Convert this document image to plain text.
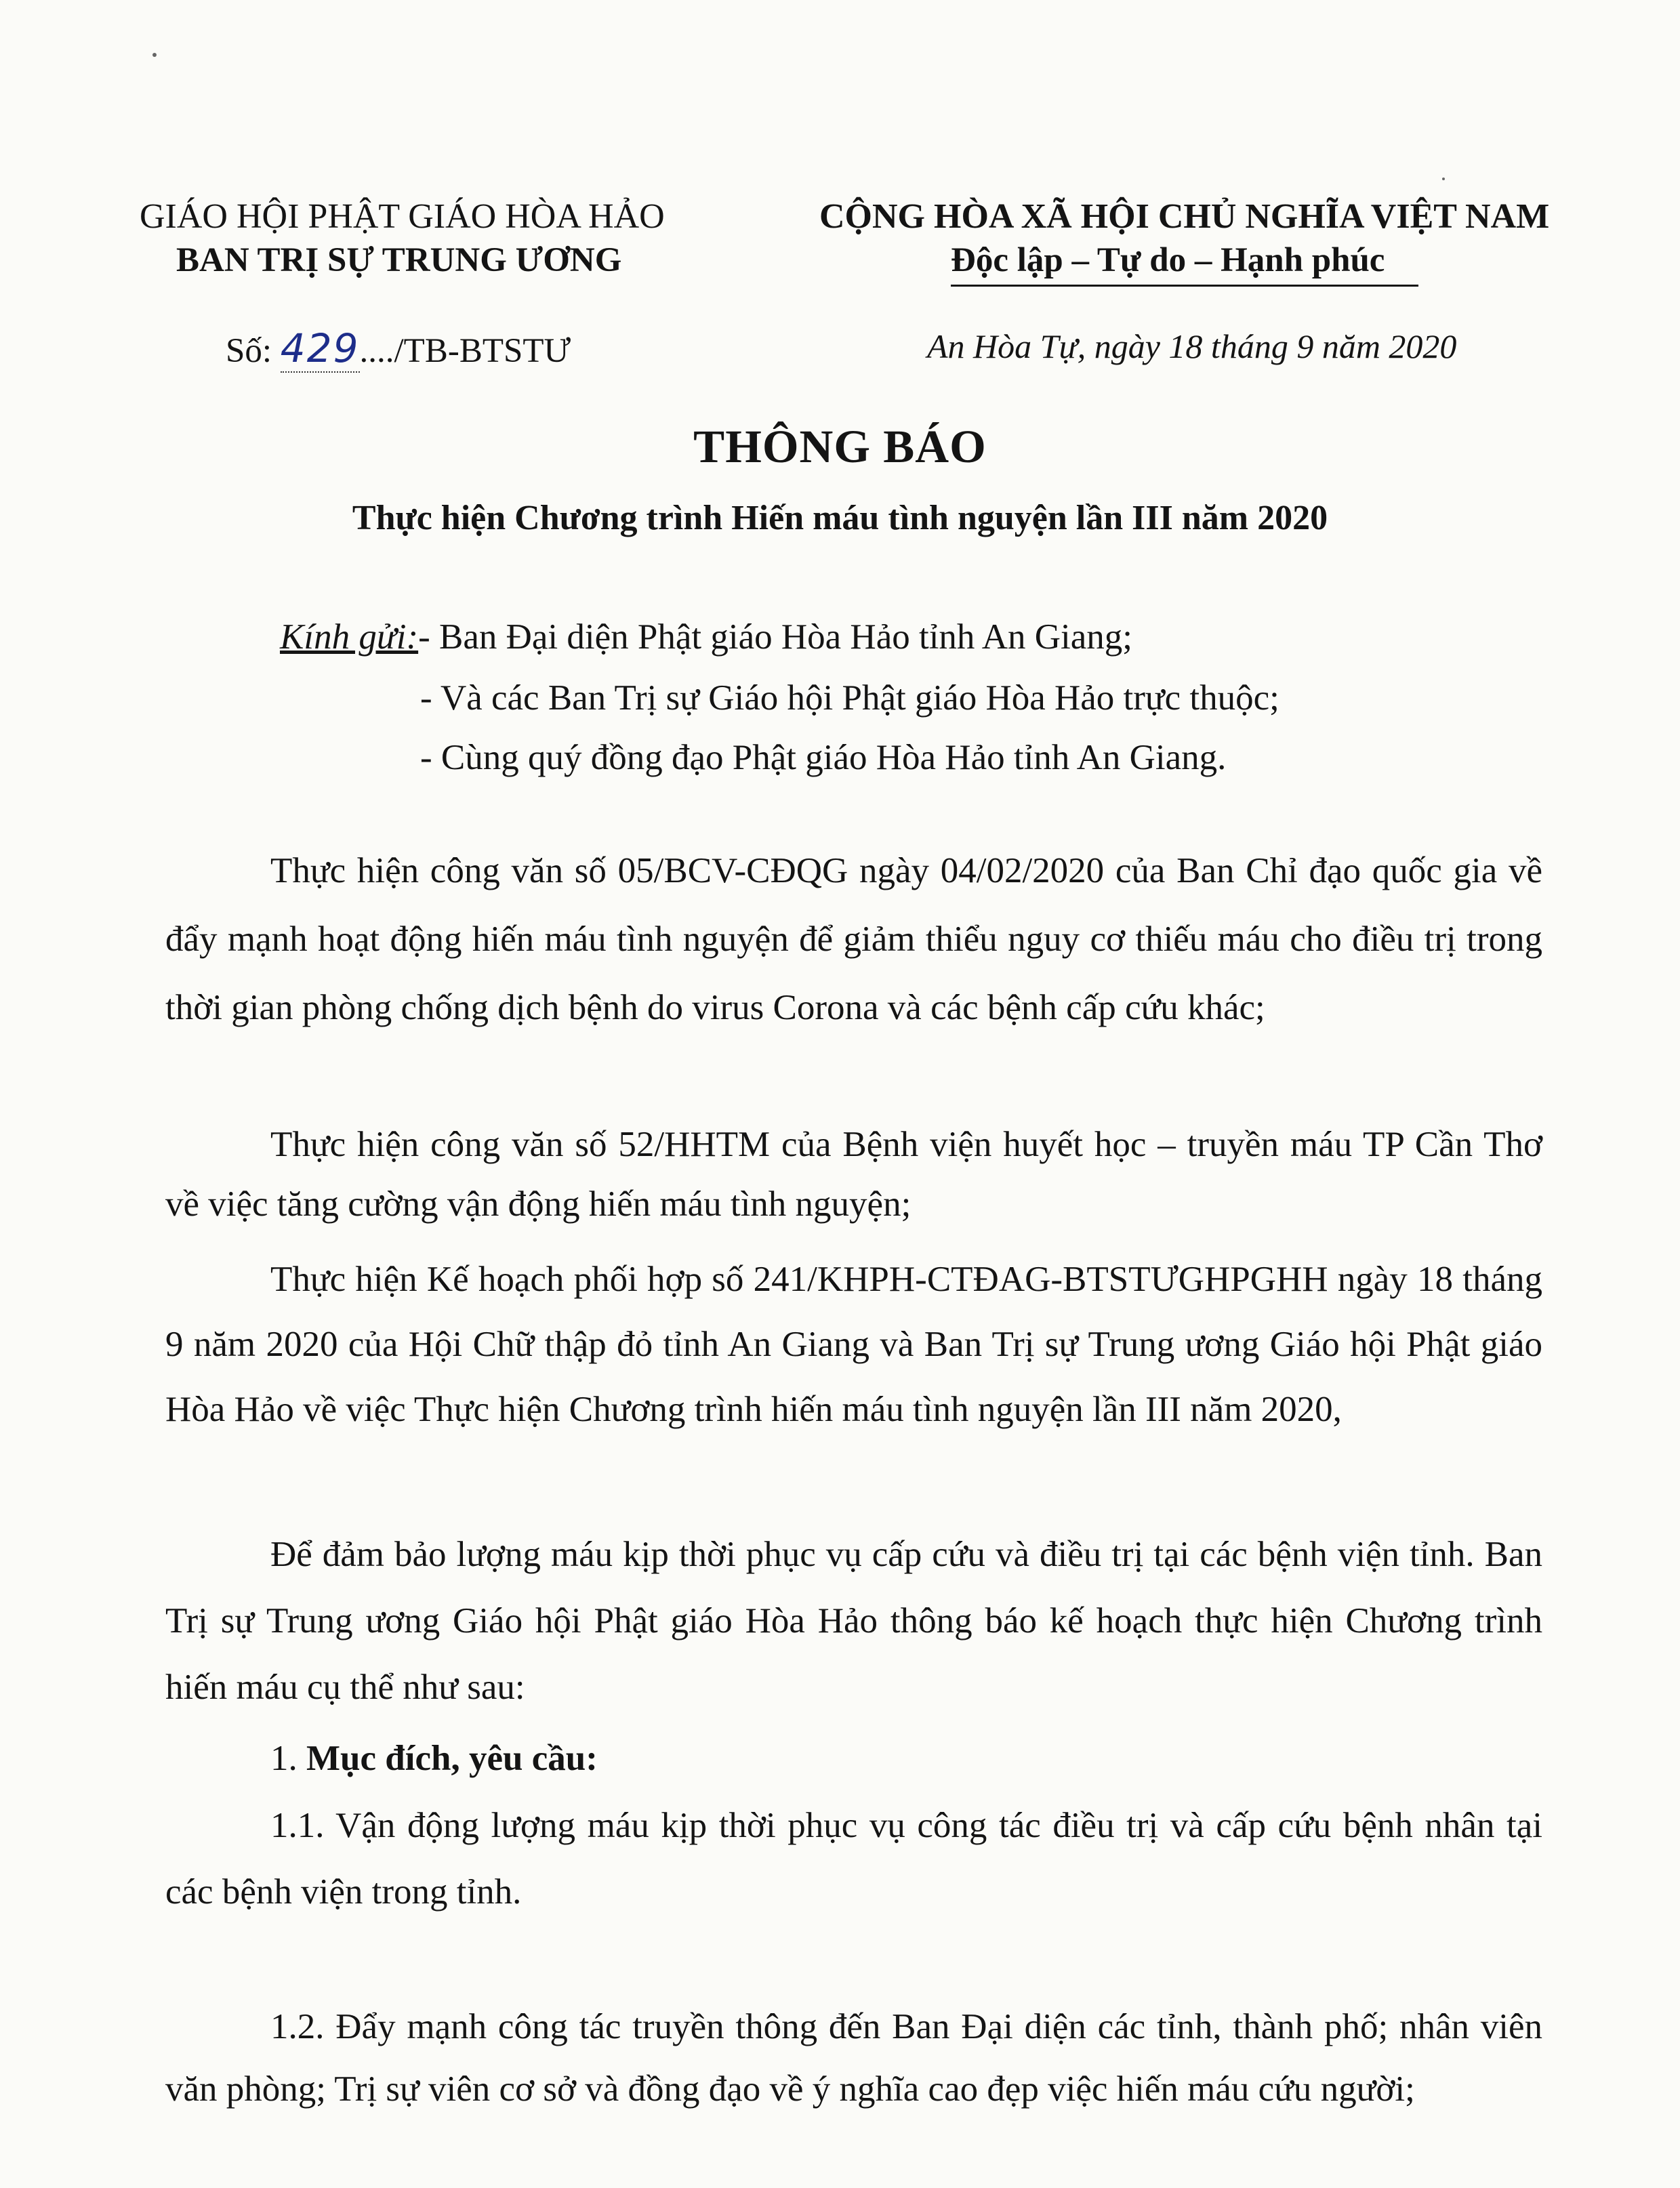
GIÁO HỘI PHẬT GIÁO HÒA HẢO
BAN TRỊ SỰ TRUNG ƯƠNG
Số: 429..../TB-BTSTƯ
CỘNG HÒA XÃ HỘI CHỦ NGHĨA VIỆT NAM
Độc lập – Tự do – Hạnh phúc
An Hòa Tự, ngày 18 tháng 9 năm 2020
THÔNG BÁO
Thực hiện Chương trình Hiến máu tình nguyện lần III năm 2020
Kính gửi:- Ban Đại diện Phật giáo Hòa Hảo tỉnh An Giang;
- Và các Ban Trị sự Giáo hội Phật giáo Hòa Hảo trực thuộc;
- Cùng quý đồng đạo Phật giáo Hòa Hảo tỉnh An Giang.

Thực hiện công văn số 05/BCV-CĐQG ngày 04/02/2020 của Ban Chỉ đạo quốc gia về đẩy mạnh hoạt động hiến máu tình nguyện để giảm thiểu nguy cơ thiếu máu cho điều trị trong thời gian phòng chống dịch bệnh do virus Corona và các bệnh cấp cứu khác;

Thực hiện công văn số 52/HHTM của Bệnh viện huyết học – truyền máu TP Cần Thơ về việc tăng cường vận động hiến máu tình nguyện;

Thực hiện Kế hoạch phối hợp số 241/KHPH-CTĐAG-BTSTƯGHPGHH ngày 18 tháng 9 năm 2020 của Hội Chữ thập đỏ tỉnh An Giang và Ban Trị sự Trung ương Giáo hội Phật giáo Hòa Hảo về việc Thực hiện Chương trình hiến máu tình nguyện lần III năm 2020,

Để đảm bảo lượng máu kịp thời phục vụ cấp cứu và điều trị tại các bệnh viện tỉnh. Ban Trị sự Trung ương Giáo hội Phật giáo Hòa Hảo thông báo kế hoạch thực hiện Chương trình hiến máu cụ thể như sau:

1. Mục đích, yêu cầu:

1.1. Vận động lượng máu kịp thời phục vụ công tác điều trị và cấp cứu bệnh nhân tại các bệnh viện trong tỉnh.

1.2. Đẩy mạnh công tác truyền thông đến Ban Đại diện các tỉnh, thành phố; nhân viên văn phòng; Trị sự viên cơ sở và đồng đạo về ý nghĩa cao đẹp việc hiến máu cứu người;
